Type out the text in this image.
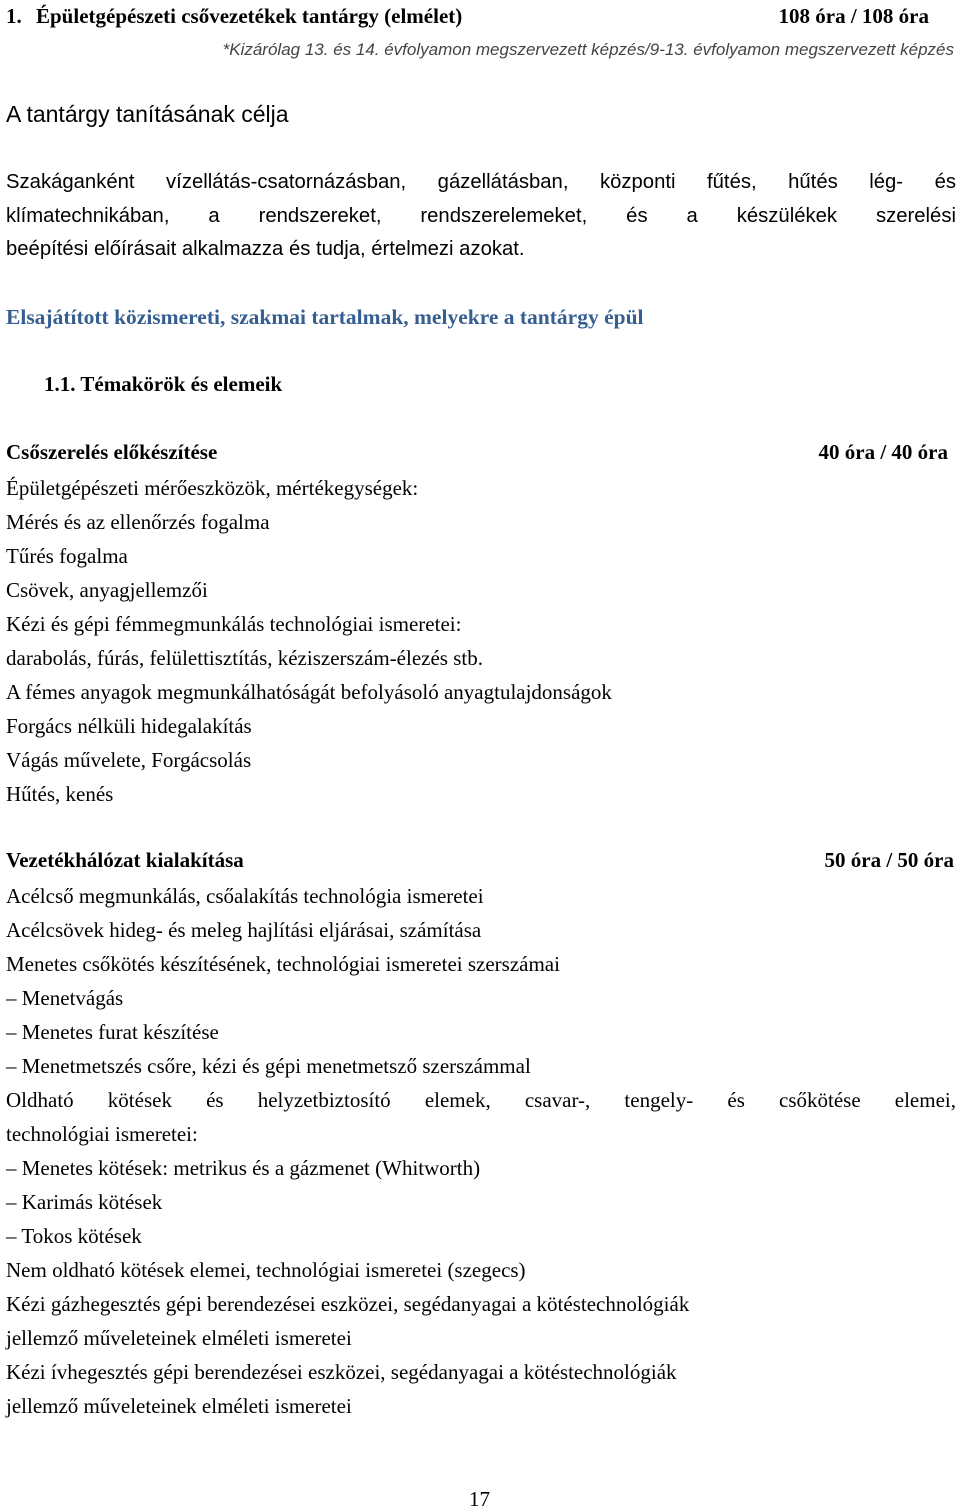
1. Épületgépészeti csővezetékek tantárgy (elmélet)	108 óra / 108 óra
*Kizárólag 13. és 14. évfolyamon megszervezett képzés/9-13. évfolyamon megszervezett képzés
A tantárgy tanításának célja
Szakáganként vízellátás-csatornázásban, gázellátásban, központi fűtés, hűtés lég- és
klímatechnikában, a rendszereket, rendszerelemeket, és a készülékek szerelési
beépítési előírásait alkalmazza és tudja, értelmezi azokat.
Elsajátított közismereti, szakmai tartalmak, melyekre a tantárgy épül
1.1. Témakörök és elemeik
Csőszerelés előkészítése	40 óra / 40 óra
Épületgépészeti mérőeszközök, mértékegységek:
Mérés és az ellenőrzés fogalma
Tűrés fogalma
Csövek, anyagjellemzői
Kézi és gépi fémmegmunkálás technológiai ismeretei:
darabolás, fúrás, felülettisztítás, kéziszerszám-élezés stb.
A fémes anyagok megmunkálhatóságát befolyásoló anyagtulajdonságok
Forgács nélküli hidegalakítás
Vágás művelete, Forgácsolás
Hűtés, kenés
Vezetékhálózat kialakítása	50 óra / 50 óra
Acélcső megmunkálás, csőalakítás technológia ismeretei
Acélcsövek hideg- és meleg hajlítási eljárásai, számítása
Menetes csőkötés készítésének, technológiai ismeretei szerszámai
– Menetvágás
– Menetes furat készítése
– Menetmetszés csőre, kézi és gépi menetmetsző szerszámmal
Oldható kötések és helyzetbiztosító elemek, csavar-, tengely- és csőkötése elemei,
technológiai ismeretei:
– Menetes kötések: metrikus és a gázmenet (Whitworth)
– Karimás kötések
– Tokos kötések
Nem oldható kötések elemei, technológiai ismeretei (szegecs)
Kézi gázhegesztés gépi berendezései eszközei, segédanyagai a kötéstechnológiák
jellemző műveleteinek elméleti ismeretei
Kézi ívhegesztés gépi berendezései eszközei, segédanyagai a kötéstechnológiák
jellemző műveleteinek elméleti ismeretei
17
